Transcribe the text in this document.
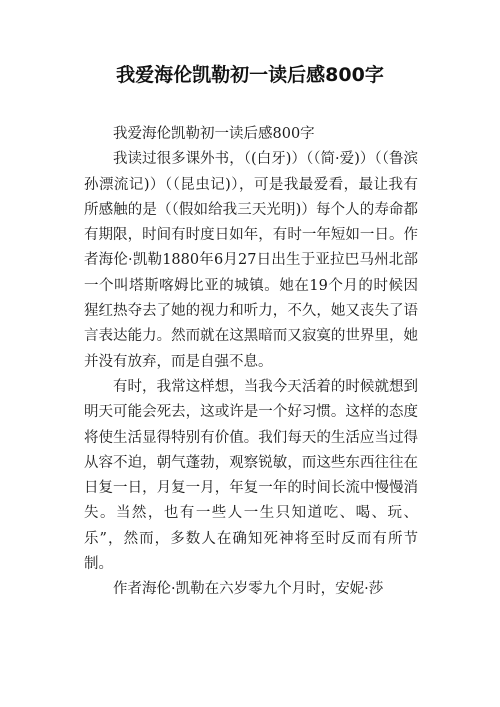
我爱海伦凯勒初一读后感800字

我爱海伦凯勒初一读后感800字

我读过很多课外书，（(白牙)）（（简·爱)）（（鲁滨孙漂流记)）（（昆虫记)），可是我最爱看，最让我有所感触的是（（假如给我三天光明)）每个人的寿命都有期限，时间有时度日如年，有时一年短如一日。作者海伦·凯勒1880年6月27日出生于亚拉巴马州北部一个叫塔斯喀姆比亚的城镇。她在19个月的时候因猩红热夺去了她的视力和听力，不久，她又丧失了语言表达能力。然而就在这黑暗而又寂寞的世界里，她并没有放弃，而是自强不息。

有时，我常这样想，当我今天活着的时候就想到明天可能会死去，这或许是一个好习惯。这样的态度将使生活显得特别有价值。我们每天的生活应当过得从容不迫，朝气蓬勃，观察锐敏，而这些东西往往在日复一日，月复一月，年复一年的时间长流中慢慢消失。当然，也有一些人一生只知道吃、喝、玩、乐”，然而，多数人在确知死神将至时反而有所节制。

作者海伦·凯勒在六岁零九个月时，安妮·莎
